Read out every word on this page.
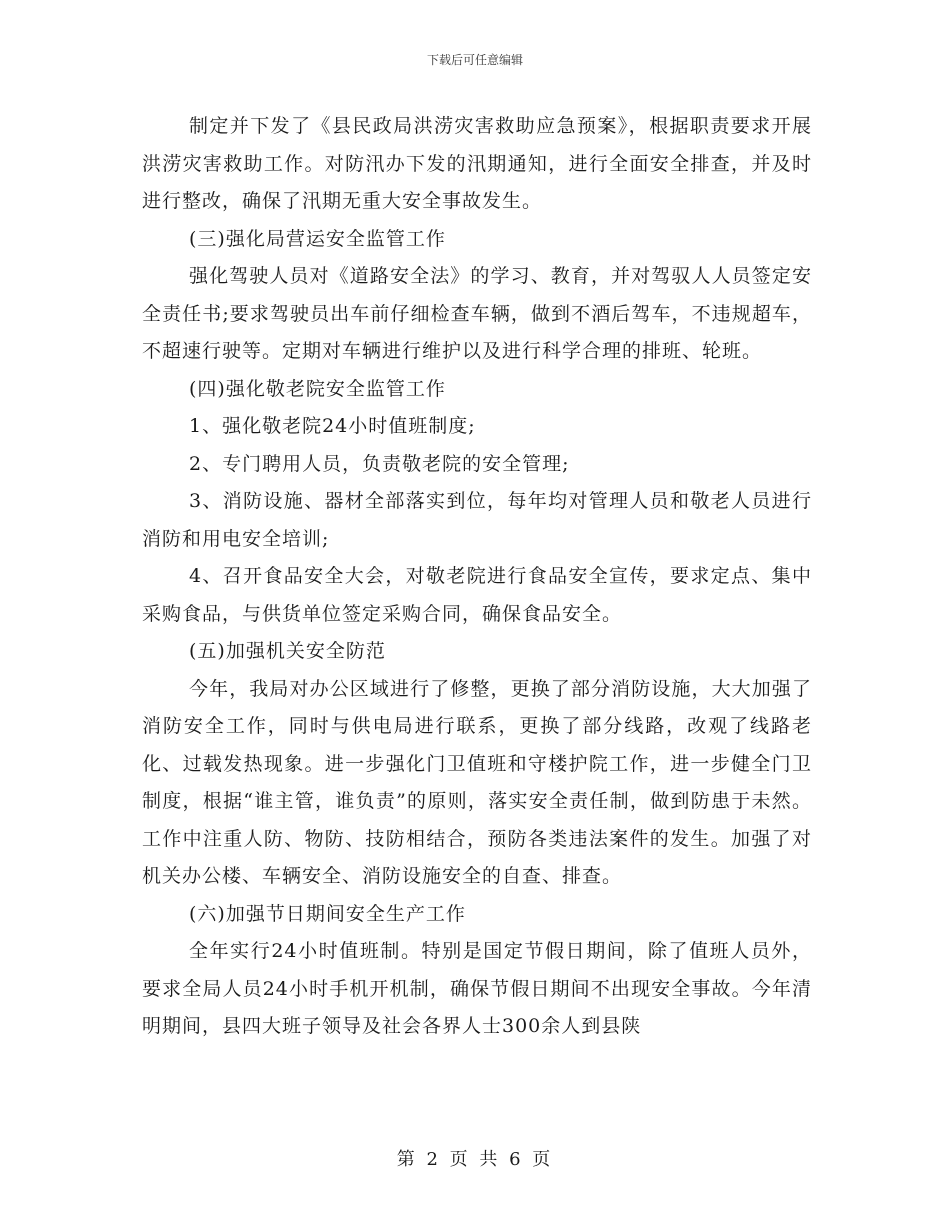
下载后可任意编辑

制定并下发了《县民政局洪涝灾害救助应急预案》，根据职责要求开展洪涝灾害救助工作。对防汛办下发的汛期通知，进行全面安全排查，并及时进行整改，确保了汛期无重大安全事故发生。

(三)强化局营运安全监管工作

强化驾驶人员对《道路安全法》的学习、教育，并对驾驭人人员签定安全责任书;要求驾驶员出车前仔细检查车辆，做到不酒后驾车，不违规超车，不超速行驶等。定期对车辆进行维护以及进行科学合理的排班、轮班。

(四)强化敬老院安全监管工作

1、强化敬老院24小时值班制度;

2、专门聘用人员，负责敬老院的安全管理;

3、消防设施、器材全部落实到位，每年均对管理人员和敬老人员进行消防和用电安全培训;

4、召开食品安全大会，对敬老院进行食品安全宣传，要求定点、集中采购食品，与供货单位签定采购合同，确保食品安全。

(五)加强机关安全防范

今年，我局对办公区域进行了修整，更换了部分消防设施，大大加强了消防安全工作，同时与供电局进行联系，更换了部分线路，改观了线路老化、过载发热现象。进一步强化门卫值班和守楼护院工作，进一步健全门卫制度，根据“谁主管，谁负责”的原则，落实安全责任制，做到防患于未然。工作中注重人防、物防、技防相结合，预防各类违法案件的发生。加强了对机关办公楼、车辆安全、消防设施安全的自查、排查。

(六)加强节日期间安全生产工作

全年实行24小时值班制。特别是国定节假日期间，除了值班人员外，要求全局人员24小时手机开机制，确保节假日期间不出现安全事故。今年清明期间，县四大班子领导及社会各界人士300余人到县陕

第 2 页 共 6 页
